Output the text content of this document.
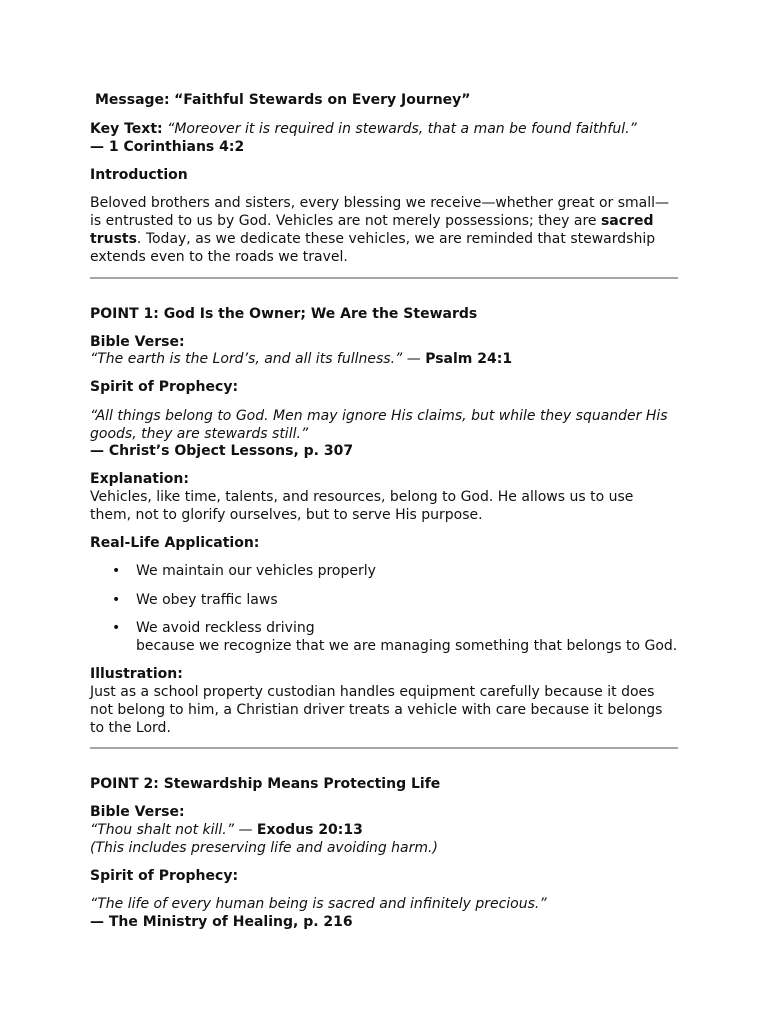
Message: “Faithful Stewards on Every Journey”
Key Text: “Moreover it is required in stewards, that a man be found faithful.”
— 1 Corinthians 4:2
Introduction
Beloved brothers and sisters, every blessing we receive—whether great or small—is entrusted to us by God. Vehicles are not merely possessions; they are sacred trusts. Today, as we dedicate these vehicles, we are reminded that stewardship extends even to the roads we travel.
POINT 1: God Is the Owner; We Are the Stewards
Bible Verse:
“The earth is the Lord’s, and all its fullness.” — Psalm 24:1
Spirit of Prophecy:
“All things belong to God. Men may ignore His claims, but while they squander His goods, they are stewards still.”
— Christ’s Object Lessons, p. 307
Explanation:
Vehicles, like time, talents, and resources, belong to God. He allows us to use them, not to glorify ourselves, but to serve His purpose.
Real-Life Application:
• We maintain our vehicles properly
• We obey traffic laws
• We avoid reckless driving
because we recognize that we are managing something that belongs to God.
Illustration:
Just as a school property custodian handles equipment carefully because it does not belong to him, a Christian driver treats a vehicle with care because it belongs to the Lord.
POINT 2: Stewardship Means Protecting Life
Bible Verse:
“Thou shalt not kill.” — Exodus 20:13
(This includes preserving life and avoiding harm.)
Spirit of Prophecy:
“The life of every human being is sacred and infinitely precious.”
— The Ministry of Healing, p. 216
